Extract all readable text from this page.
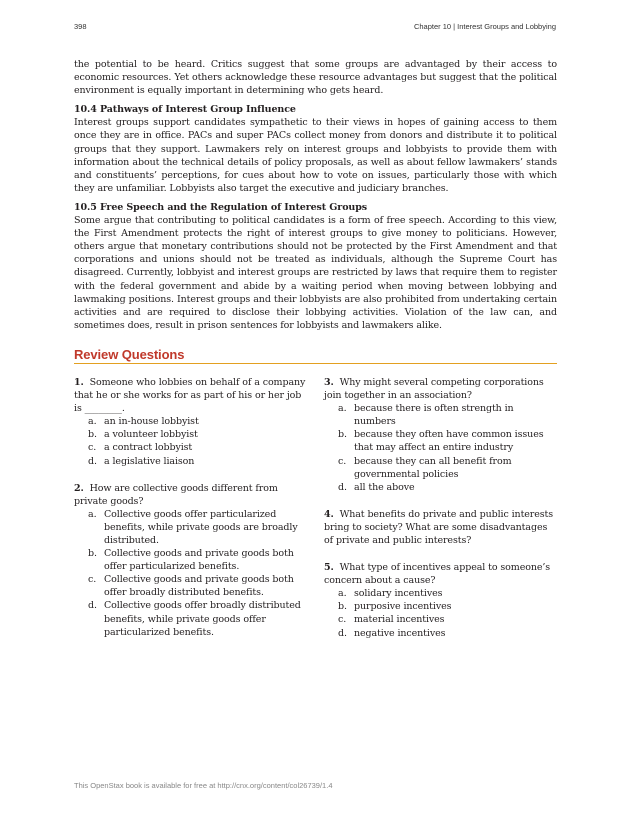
398	Chapter 10 | Interest Groups and Lobbying

the potential to be heard. Critics suggest that some groups are advantaged by their access to economic resources. Yet others acknowledge these resource advantages but suggest that the political environment is equally important in determining who gets heard.

10.4 Pathways of Interest Group Influence

Interest groups support candidates sympathetic to their views in hopes of gaining access to them once they are in office. PACs and super PACs collect money from donors and distribute it to political groups that they support. Lawmakers rely on interest groups and lobbyists to provide them with information about the technical details of policy proposals, as well as about fellow lawmakers’ stands and constituents’ perceptions, for cues about how to vote on issues, particularly those with which they are unfamiliar. Lobbyists also target the executive and judiciary branches.

10.5 Free Speech and the Regulation of Interest Groups

Some argue that contributing to political candidates is a form of free speech. According to this view, the First Amendment protects the right of interest groups to give money to politicians. However, others argue that monetary contributions should not be protected by the First Amendment and that corporations and unions should not be treated as individuals, although the Supreme Court has disagreed. Currently, lobbyist and interest groups are restricted by laws that require them to register with the federal government and abide by a waiting period when moving between lobbying and lawmaking positions. Interest groups and their lobbyists are also prohibited from undertaking certain activities and are required to disclose their lobbying activities. Violation of the law can, and sometimes does, result in prison sentences for lobbyists and lawmakers alike.

Review Questions

1. Someone who lobbies on behalf of a company that he or she works for as part of his or her job is ________.

a. an in-house lobbyist
b. a volunteer lobbyist
c. a contract lobbyist
d. a legislative liaison

2. How are collective goods different from private goods?

a. Collective goods offer particularized benefits, while private goods are broadly distributed.
b. Collective goods and private goods both offer particularized benefits.
c. Collective goods and private goods both offer broadly distributed benefits.
d. Collective goods offer broadly distributed benefits, while private goods offer particularized benefits.

3. Why might several competing corporations join together in an association?

a. because there is often strength in numbers
b. because they often have common issues that may affect an entire industry
c. because they can all benefit from governmental policies
d. all the above

4. What benefits do private and public interests bring to society? What are some disadvantages of private and public interests?

5. What type of incentives appeal to someone’s concern about a cause?

a. solidary incentives
b. purposive incentives
c. material incentives
d. negative incentives
This OpenStax book is available for free at http://cnx.org/content/col26739/1.4
